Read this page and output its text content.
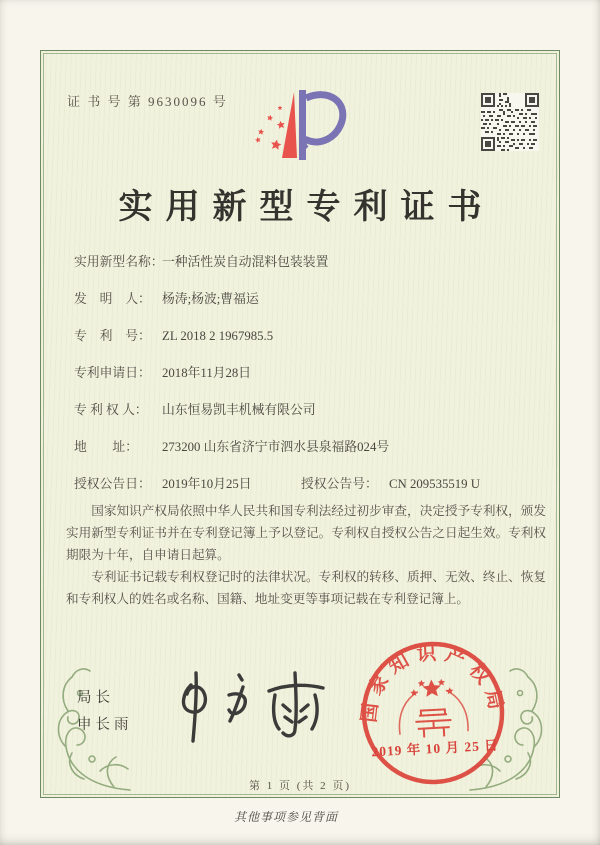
证 书 号 第 9630096 号
实用新型专利证书
实用新型名称：一种活性炭自动混料包装装置
发　明　人： 杨涛;杨波;曹福运
专　利　号： ZL 2018 2 1967985.5
专利申请日： 2018年11月28日
专 利 权 人： 山东恒易凯丰机械有限公司
地　　址： 273200 山东省济宁市泗水县泉福路024号
授权公告日： 2019年10月25日	授权公告号： CN 209535519 U

国家知识产权局依照中华人民共和国专利法经过初步审查，决定授予专利权，颁发实用新型专利证书并在专利登记簿上予以登记。专利权自授权公告之日起生效。专利权期限为十年，自申请日起算。

专利证书记载专利权登记时的法律状况。专利权的转移、质押、无效、终止、恢复和专利权人的姓名或名称、国籍、地址变更等事项记载在专利登记簿上。

局长
申长雨
国家知识产权局
2019 年 10 月 25 日
第 1 页 (共 2 页)
其他事项参见背面
